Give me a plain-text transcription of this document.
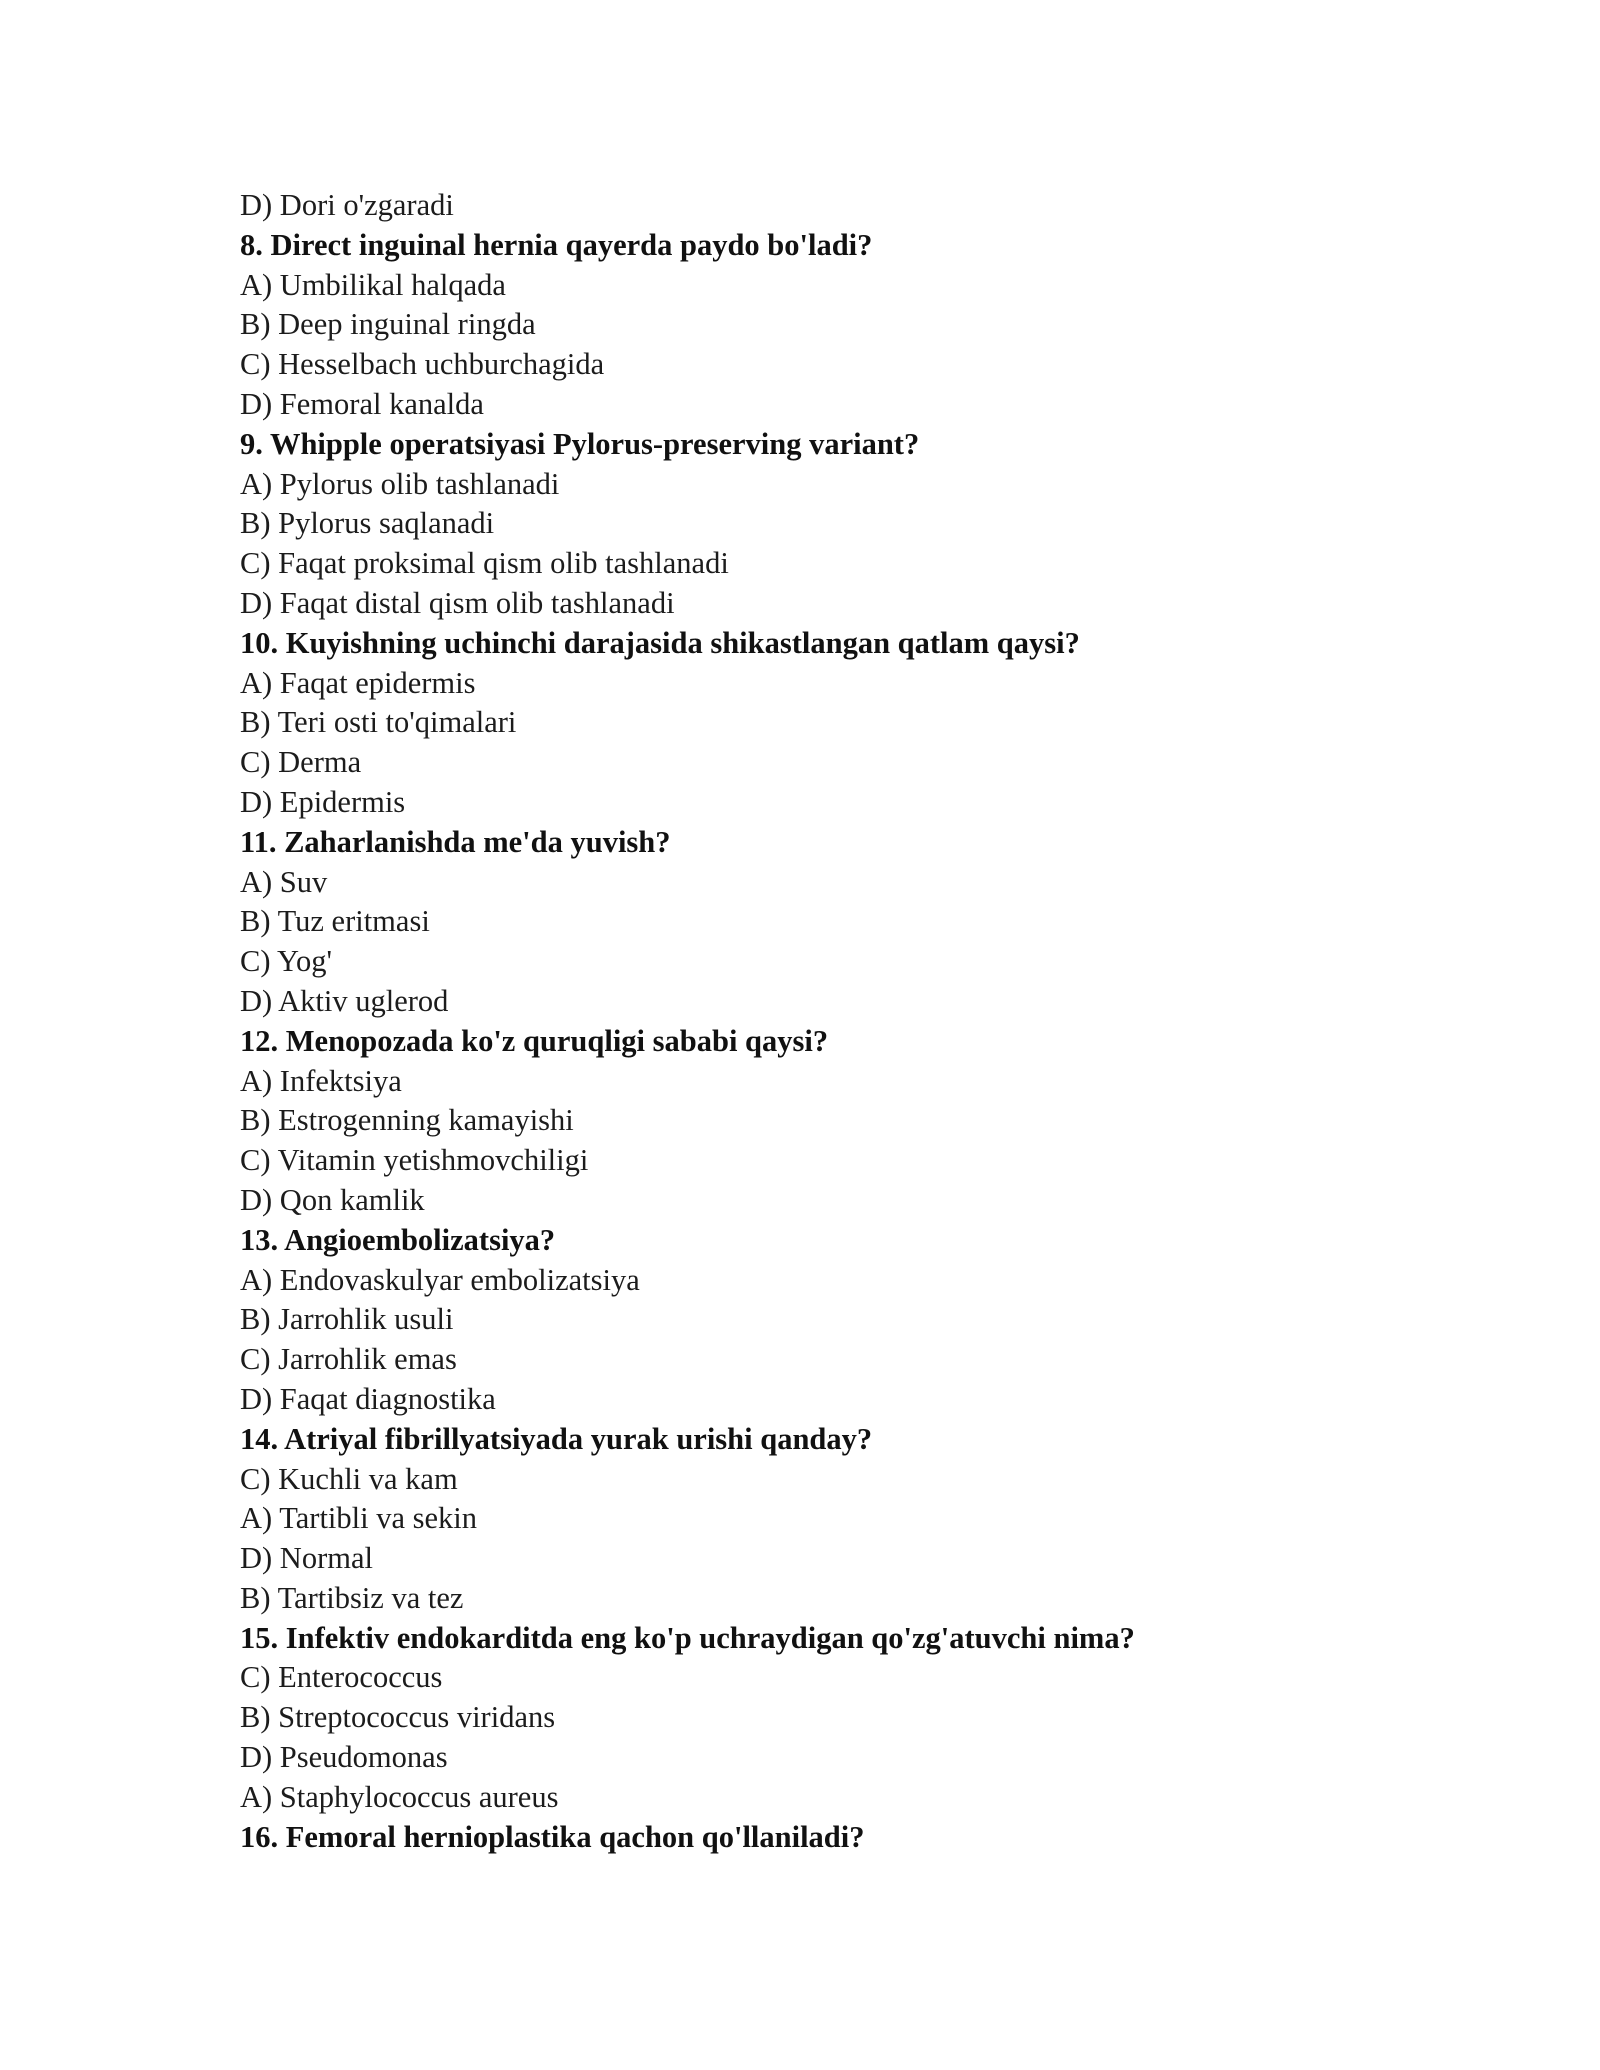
D) Dori o'zgaradi
8. Direct inguinal hernia qayerda paydo bo'ladi?
A) Umbilikal halqada
B) Deep inguinal ringda
C) Hesselbach uchburchagida
D) Femoral kanalda
9. Whipple operatsiyasi Pylorus-preserving variant?
A) Pylorus olib tashlanadi
B) Pylorus saqlanadi
C) Faqat proksimal qism olib tashlanadi
D) Faqat distal qism olib tashlanadi
10. Kuyishning uchinchi darajasida shikastlangan qatlam qaysi?
A) Faqat epidermis
B) Teri osti to'qimalari
C) Derma
D) Epidermis
11. Zaharlanishda me'da yuvish?
A) Suv
B) Tuz eritmasi
C) Yog'
D) Aktiv uglerod
12. Menopozada ko'z quruqligi sababi qaysi?
A) Infektsiya
B) Estrogenning kamayishi
C) Vitamin yetishmovchiligi
D) Qon kamlik
13. Angioembolizatsiya?
A) Endovaskulyar embolizatsiya
B) Jarrohlik usuli
C) Jarrohlik emas
D) Faqat diagnostika
14. Atriyal fibrillyatsiyada yurak urishi qanday?
C) Kuchli va kam
A) Tartibli va sekin
D) Normal
B) Tartibsiz va tez
15. Infektiv endokarditda eng ko'p uchraydigan qo'zg'atuvchi nima?
C) Enterococcus
B) Streptococcus viridans
D) Pseudomonas
A) Staphylococcus aureus
16. Femoral hernioplastika qachon qo'llaniladi?
